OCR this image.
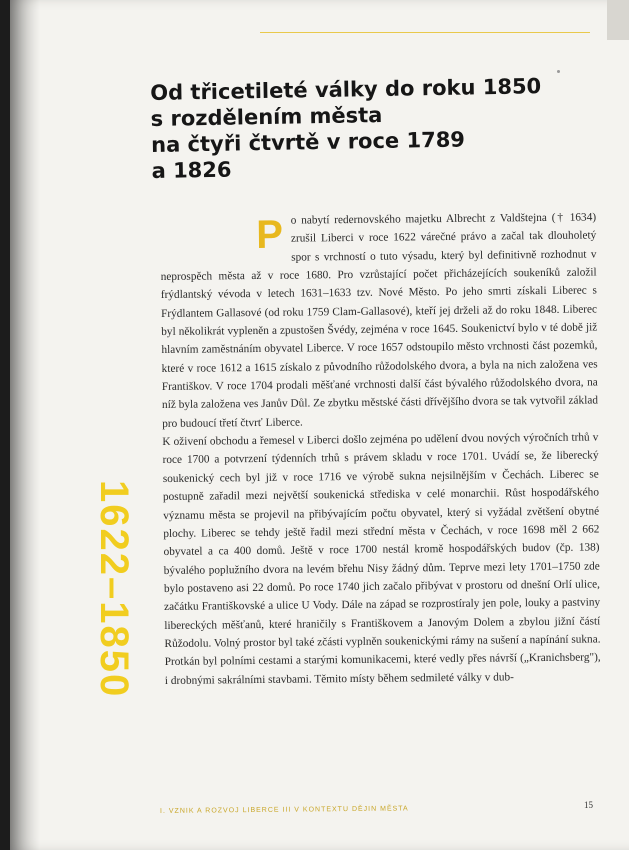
Od třicetileté války do roku 1850
s rozdělením města
na čtyři čtvrtě v roce 1789
a 1826
1622–1850

Po nabytí redernovského majetku Albrecht z Valdštejna († 1634) zrušil Liberci v roce 1622 várečné právo a začal tak dlouholetý spor s vrchností o tuto výsadu, který byl definitivně rozhodnut v neprospěch města až v roce 1680. Pro vzrůstající počet přicházejících soukeníků založil frýdlantský vévoda v letech 1631–1633 tzv. Nové Město. Po jeho smrti získali Liberec s Frýdlantem Gallasové (od roku 1759 Clam-Gallasové), kteří jej drželi až do roku 1848. Liberec byl několikrát vypleněn a zpustošen Švédy, zejména v roce 1645. Soukenictví bylo v té době již hlavním zaměstnáním obyvatel Liberce. V roce 1657 odstoupilo město vrchnosti část pozemků, které v roce 1612 a 1615 získalo z původního růžodolského dvora, a byla na nich založena ves Františkov. V roce 1704 prodali měšťané vrchnosti další část bývalého růžodolského dvora, na níž byla založena ves Janův Důl. Ze zbytku městské části dřívějšího dvora se tak vytvořil základ pro budoucí třetí čtvrť Liberce.

K oživení obchodu a řemesel v Liberci došlo zejména po udělení dvou nových výročních trhů v roce 1700 a potvrzení týdenních trhů s právem skladu v roce 1701. Uvádí se, že liberecký soukenický cech byl již v roce 1716 ve výrobě sukna nejsilnějším v Čechách. Liberec se postupně zařadil mezi největší soukenická střediska v celé monarchii. Růst hospodářského významu města se projevil na přibývajícím počtu obyvatel, který si vyžádal zvětšení obytné plochy. Liberec se tehdy ještě řadil mezi střední města v Čechách, v roce 1698 měl 2 662 obyvatel a ca 400 domů. Ještě v roce 1700 nestál kromě hospodářských budov (čp. 138) bývalého poplužního dvora na levém břehu Nisy žádný dům. Teprve mezi lety 1701–1750 zde bylo postaveno asi 22 domů. Po roce 1740 jich začalo přibývat v prostoru od dnešní Orlí ulice, začátku Františkovské a ulice U Vody. Dále na západ se rozprostíraly jen pole, louky a pastviny libereckých měšťanů, které hraničily s Františkovem a Janovým Dolem a zbylou jižní částí Růžodolu. Volný prostor byl také zčásti vyplněn soukenickými rámy na sušení a napínání sukna. Protkán byl polními cestami a starými komunikacemi, které vedly přes návrší („Kranichsberg"), i drobnými sakrálními stavbami. Těmito místy během sedmileté války v dub-

I. VZNIK A ROZVOJ LIBERCE III V KONTEXTU DĚJIN MĚSTA
15
